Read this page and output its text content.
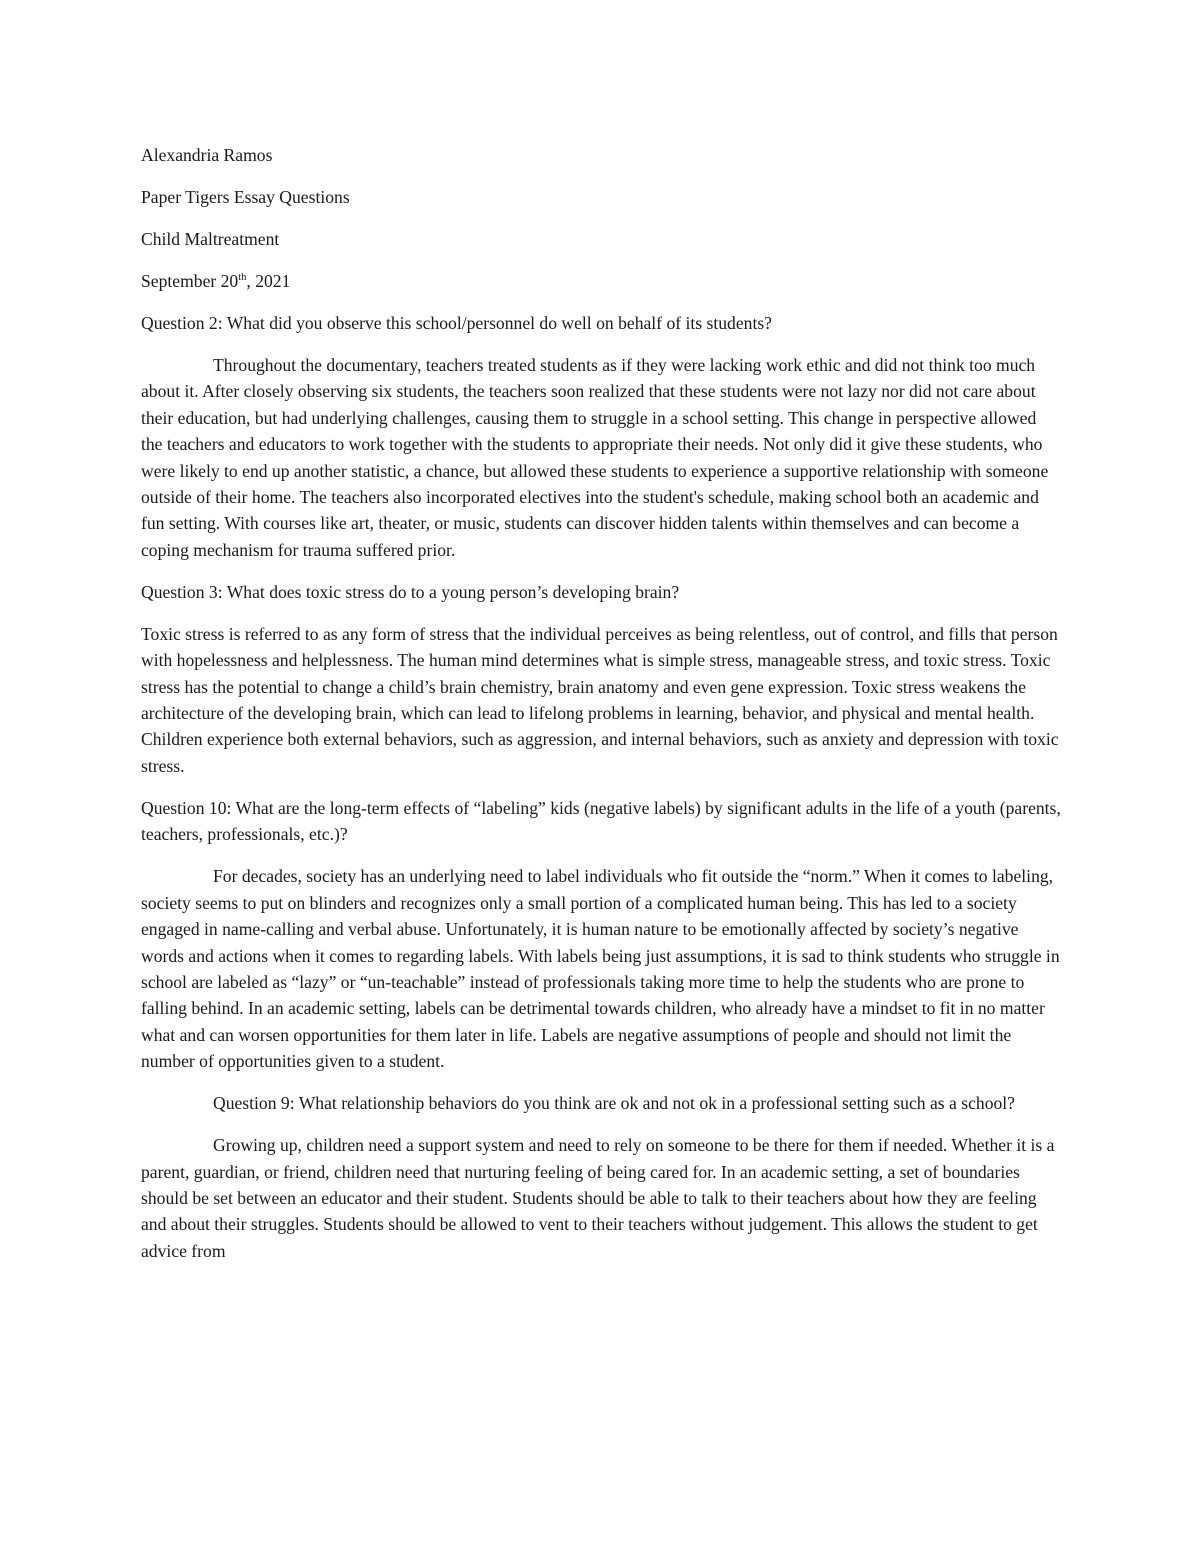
Alexandria Ramos

Paper Tigers Essay Questions

Child Maltreatment

September 20th, 2021

Question 2: What did you observe this school/personnel do well on behalf of its students?

Throughout the documentary, teachers treated students as if they were lacking work ethic and did not think too much about it. After closely observing six students, the teachers soon realized that these students were not lazy nor did not care about their education, but had underlying challenges, causing them to struggle in a school setting. This change in perspective allowed the teachers and educators to work together with the students to appropriate their needs. Not only did it give these students, who were likely to end up another statistic, a chance, but allowed these students to experience a supportive relationship with someone outside of their home. The teachers also incorporated electives into the student's schedule, making school both an academic and fun setting. With courses like art, theater, or music, students can discover hidden talents within themselves and can become a coping mechanism for trauma suffered prior.

Question 3: What does toxic stress do to a young person’s developing brain?

Toxic stress is referred to as any form of stress that the individual perceives as being relentless, out of control, and fills that person with hopelessness and helplessness. The human mind determines what is simple stress, manageable stress, and toxic stress. Toxic stress has the potential to change a child’s brain chemistry, brain anatomy and even gene expression. Toxic stress weakens the architecture of the developing brain, which can lead to lifelong problems in learning, behavior, and physical and mental health. Children experience both external behaviors, such as aggression, and internal behaviors, such as anxiety and depression with toxic stress.

Question 10: What are the long-term effects of “labeling” kids (negative labels) by significant adults in the life of a youth (parents, teachers, professionals, etc.)?

For decades, society has an underlying need to label individuals who fit outside the “norm.” When it comes to labeling, society seems to put on blinders and recognizes only a small portion of a complicated human being. This has led to a society engaged in name-calling and verbal abuse. Unfortunately, it is human nature to be emotionally affected by society’s negative words and actions when it comes to regarding labels. With labels being just assumptions, it is sad to think students who struggle in school are labeled as “lazy” or “un-teachable” instead of professionals taking more time to help the students who are prone to falling behind. In an academic setting, labels can be detrimental towards children, who already have a mindset to fit in no matter what and can worsen opportunities for them later in life. Labels are negative assumptions of people and should not limit the number of opportunities given to a student.

Question 9: What relationship behaviors do you think are ok and not ok in a professional setting such as a school?

Growing up, children need a support system and need to rely on someone to be there for them if needed. Whether it is a parent, guardian, or friend, children need that nurturing feeling of being cared for. In an academic setting, a set of boundaries should be set between an educator and their student. Students should be able to talk to their teachers about how they are feeling and about their struggles. Students should be allowed to vent to their teachers without judgement. This allows the student to get advice from
